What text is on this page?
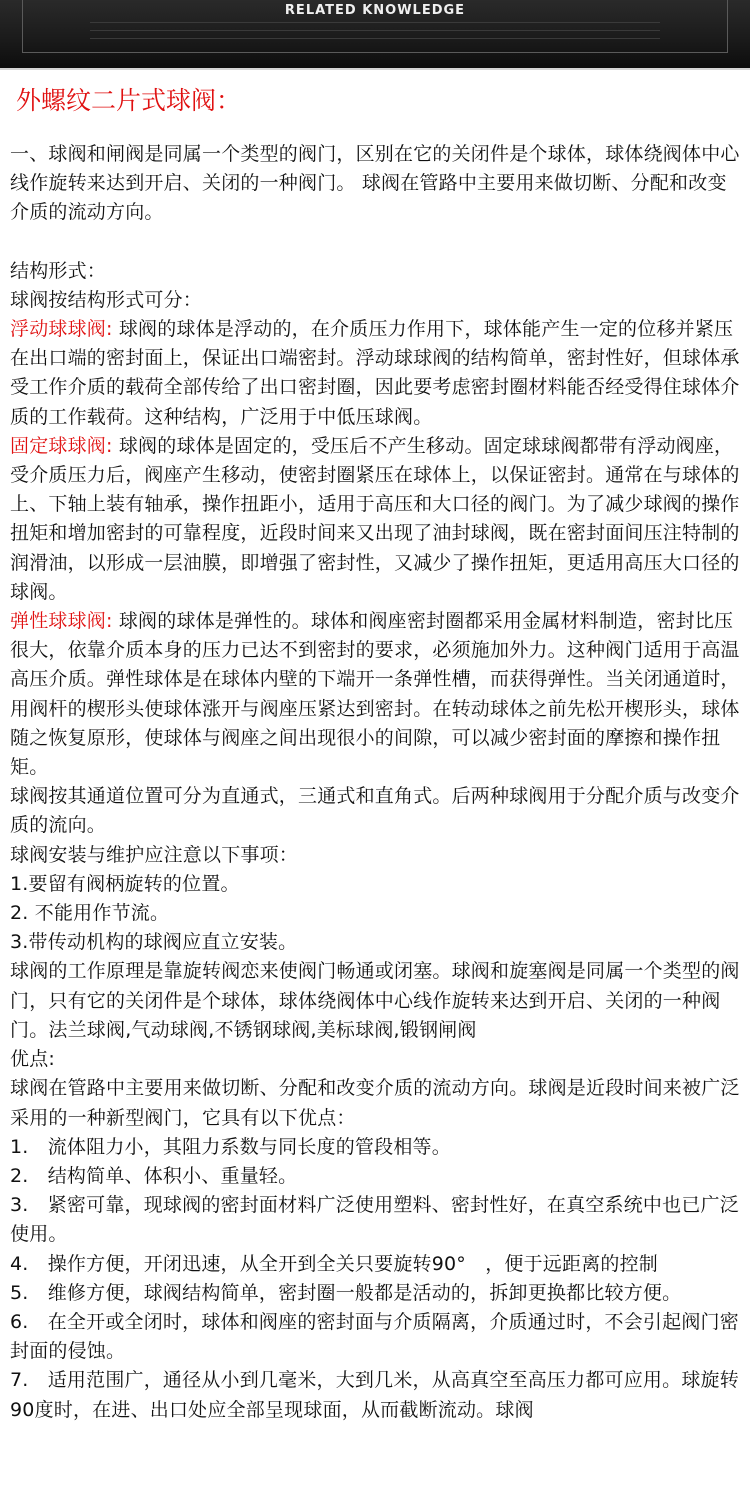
RELATED KNOWLEDGE
外螺纹二片式球阀：

一、球阀和闸阀是同属一个类型的阀门，区别在它的关闭件是个球体，球体绕阀体中心线作旋转来达到开启、关闭的一种阀门。 球阀在管路中主要用来做切断、分配和改变介质的流动方向。

结构形式：

球阀按结构形式可分：

浮动球球阀: 球阀的球体是浮动的，在介质压力作用下，球体能产生一定的位移并紧压在出口端的密封面上，保证出口端密封。浮动球球阀的结构简单，密封性好，但球体承受工作介质的载荷全部传给了出口密封圈，因此要考虑密封圈材料能否经受得住球体介质的工作载荷。这种结构，广泛用于中低压球阀。

固定球球阀: 球阀的球体是固定的，受压后不产生移动。固定球球阀都带有浮动阀座，受介质压力后，阀座产生移动，使密封圈紧压在球体上，以保证密封。通常在与球体的上、下轴上装有轴承，操作扭距小，适用于高压和大口径的阀门。为了减少球阀的操作扭矩和增加密封的可靠程度，近段时间来又出现了油封球阀，既在密封面间压注特制的润滑油，以形成一层油膜，即增强了密封性，又减少了操作扭矩，更适用高压大口径的球阀。

弹性球球阀: 球阀的球体是弹性的。球体和阀座密封圈都采用金属材料制造，密封比压很大，依靠介质本身的压力已达不到密封的要求，必须施加外力。这种阀门适用于高温高压介质。弹性球体是在球体内壁的下端开一条弹性槽，而获得弹性。当关闭通道时，用阀杆的楔形头使球体涨开与阀座压紧达到密封。在转动球体之前先松开楔形头，球体随之恢复原形，使球体与阀座之间出现很小的间隙，可以减少密封面的摩擦和操作扭矩。

球阀按其通道位置可分为直通式，三通式和直角式。后两种球阀用于分配介质与改变介质的流向。

球阀安装与维护应注意以下事项：

1.要留有阀柄旋转的位置。

2. 不能用作节流。

3.带传动机构的球阀应直立安装。

球阀的工作原理是靠旋转阀恋来使阀门畅通或闭塞。球阀和旋塞阀是同属一个类型的阀门，只有它的关闭件是个球体，球体绕阀体中心线作旋转来达到开启、关闭的一种阀门。法兰球阀,气动球阀,不锈钢球阀,美标球阀,锻钢闸阀

优点:

球阀在管路中主要用来做切断、分配和改变介质的流动方向。球阀是近段时间来被广泛采用的一种新型阀门，它具有以下优点：

1.　流体阻力小，其阻力系数与同长度的管段相等。

2.　结构简单、体积小、重量轻。

3.　紧密可靠，现球阀的密封面材料广泛使用塑料、密封性好，在真空系统中也已广泛使用。

4.　操作方便，开闭迅速，从全开到全关只要旋转90°　，便于远距离的控制

5.　维修方便，球阀结构简单，密封圈一般都是活动的，拆卸更换都比较方便。

6.　在全开或全闭时，球体和阀座的密封面与介质隔离，介质通过时，不会引起阀门密封面的侵蚀。

7.　适用范围广，通径从小到几毫米，大到几米，从高真空至高压力都可应用。球旋转90度时，在进、出口处应全部呈现球面，从而截断流动。球阀
